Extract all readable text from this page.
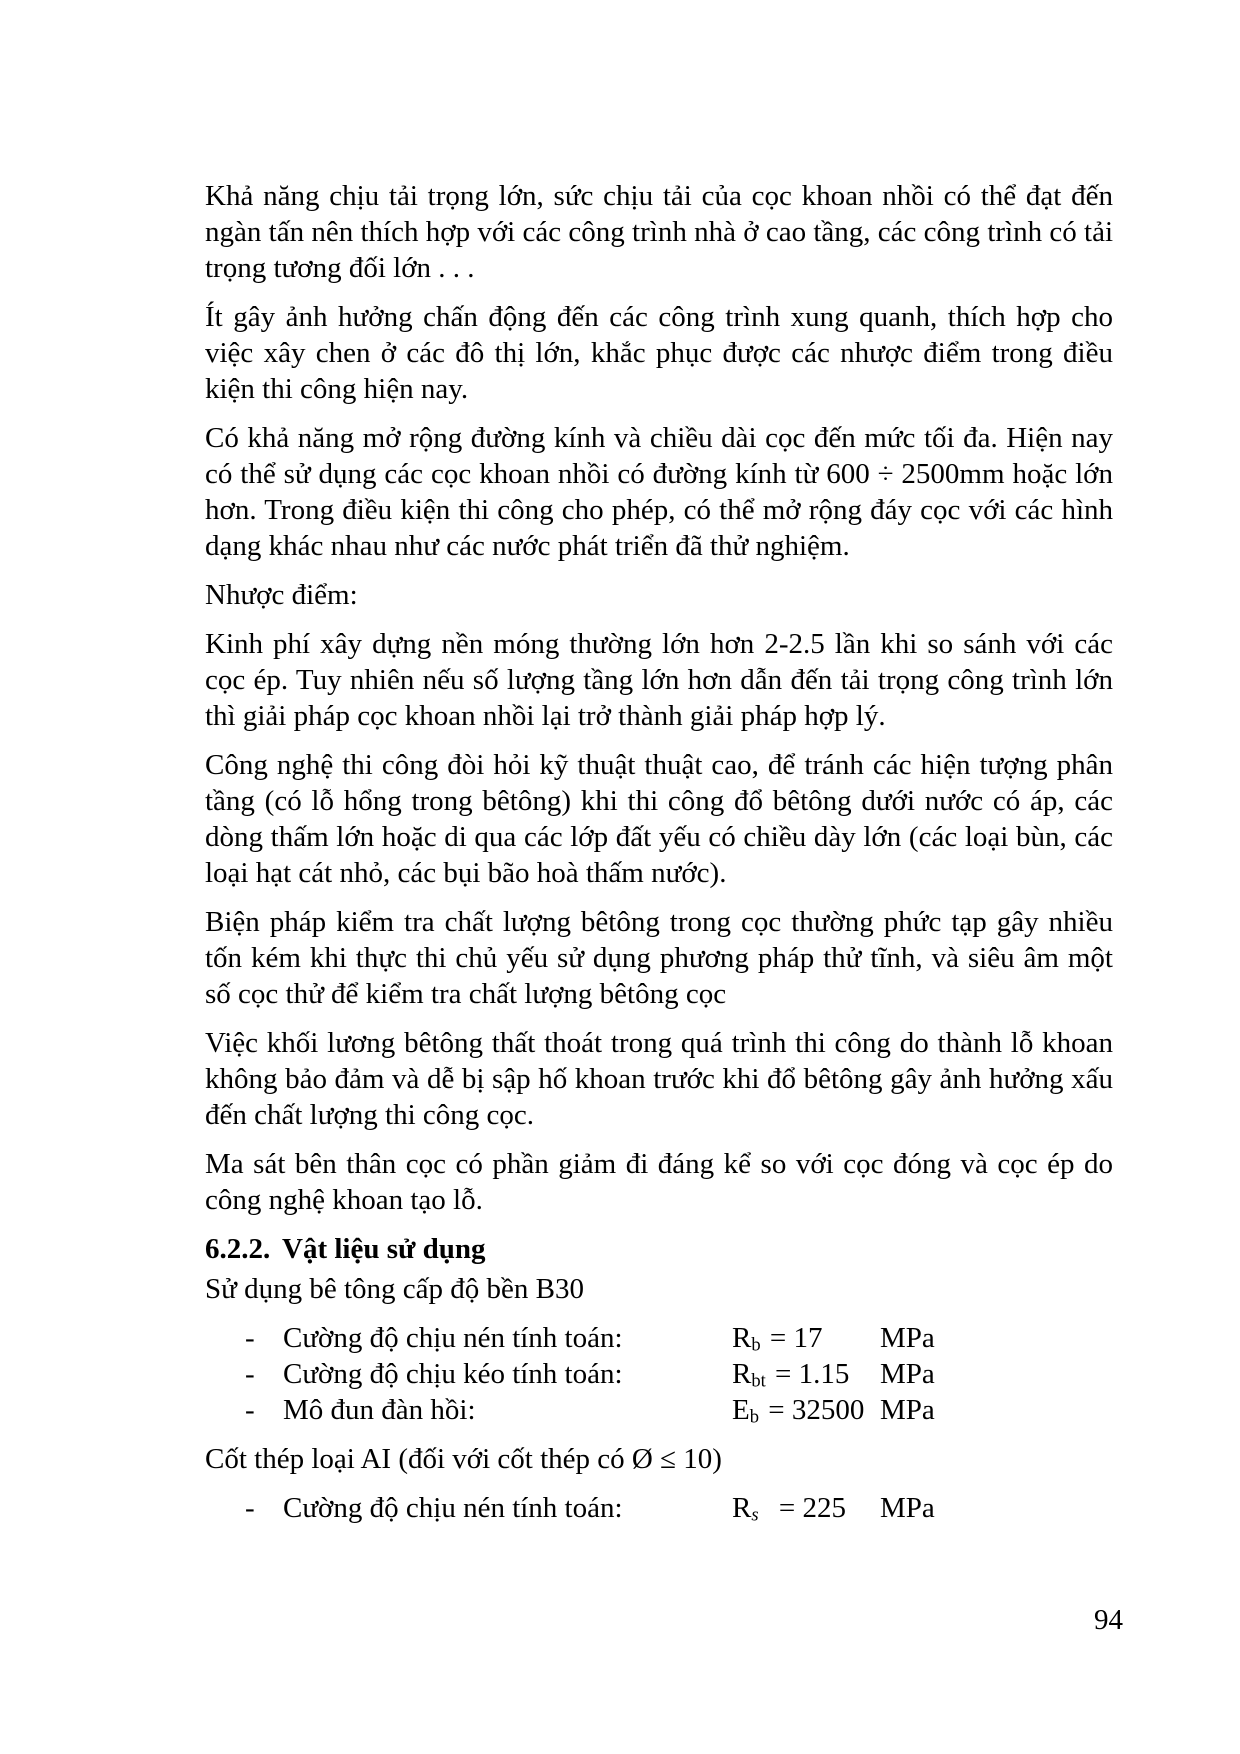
Khả năng chịu tải trọng lớn, sức chịu tải của cọc khoan nhồi có thể đạt đến ngàn tấn nên thích hợp với các công trình nhà ở cao tầng, các công trình có tải trọng tương đối lớn . . .

Ít gây ảnh hưởng chấn động đến các công trình xung quanh, thích hợp cho việc xây chen ở các đô thị lớn, khắc phục được các nhược điểm trong điều kiện thi công hiện nay.

Có khả năng mở rộng đường kính và chiều dài cọc đến mức tối đa. Hiện nay có thể sử dụng các cọc khoan nhồi có đường kính từ 600 ÷ 2500mm hoặc lớn hơn. Trong điều kiện thi công cho phép, có thể mở rộng đáy cọc với các hình dạng khác nhau như các nước phát triển đã thử nghiệm.

Nhược điểm:

Kinh phí xây dựng nền móng thường lớn hơn 2-2.5 lần khi so sánh với các cọc ép. Tuy nhiên nếu số lượng tầng lớn hơn dẫn đến tải trọng công trình lớn thì giải pháp cọc khoan nhồi lại trở thành giải pháp hợp lý.

Công nghệ thi công đòi hỏi kỹ thuật thuật cao, để tránh các hiện tượng phân tầng (có lỗ hổng trong bêtông) khi thi công đổ bêtông dưới nước có áp, các dòng thấm lớn hoặc di qua các lớp đất yếu có chiều dày lớn (các loại bùn, các loại hạt cát nhỏ, các bụi bão hoà thấm nước).

Biện pháp kiểm tra chất lượng bêtông trong cọc thường phức tạp gây nhiều tốn kém khi thực thi chủ yếu sử dụng phương pháp thử tĩnh, và siêu âm một số cọc thử để kiểm tra chất lượng bêtông cọc

Việc khối lương bêtông thất thoát trong quá trình thi công do thành lỗ khoan không bảo đảm và dễ bị sập hố khoan trước khi đổ bêtông gây ảnh hưởng xấu đến chất lượng thi công cọc.

Ma sát bên thân cọc có phần giảm đi đáng kể so với cọc đóng và cọc ép do công nghệ khoan tạo lỗ.

6.2.2. Vật liệu sử dụng

Sử dụng bê tông cấp độ bền B30

- Cường độ chịu nén tính toán:	Rb = 17 MPa
- Cường độ chịu kéo tính toán:	Rbt = 1.15 MPa
- Mô đun đàn hồi:	Eb = 32500 MPa

Cốt thép loại AI (đối với cốt thép có Ø ≤ 10)

- Cường độ chịu nén tính toán:	Rs = 225 MPa
94
